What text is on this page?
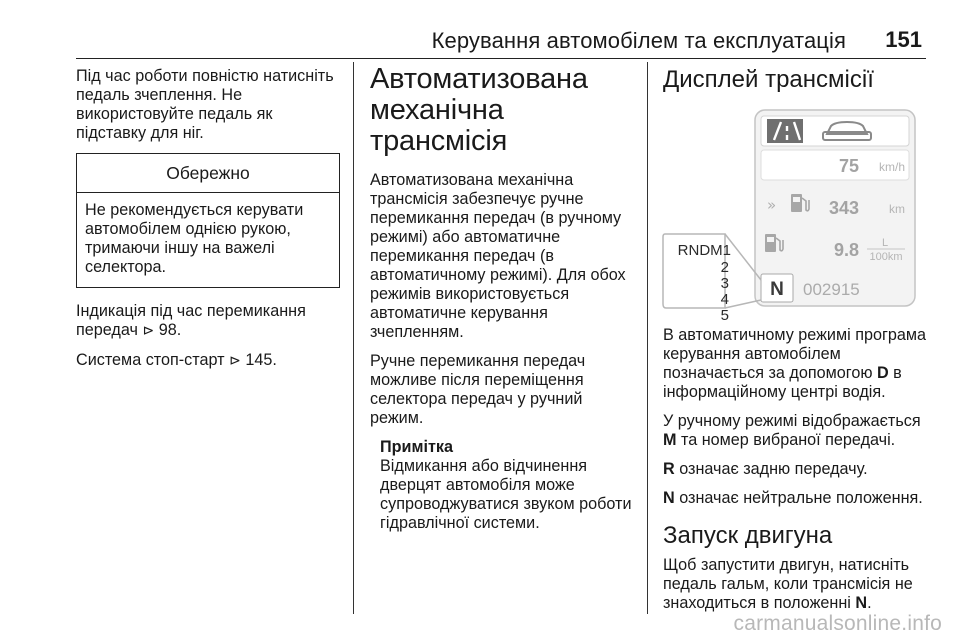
Керування автомобілем та експлуатація 151

Під час роботи повністю натисніть педаль зчеплення. Не використовуйте педаль як підставку для ніг.

Обережно
Не рекомендується керувати автомобілем однією рукою, тримаючи іншу на важелі селектора.

Індикація під час перемикання передач ⊳ 98.

Система стоп-старт ⊳ 145.

Автоматизована механічна трансмісія

Автоматизована механічна трансмісія забезпечує ручне перемикання передач (в ручному режимі) або автоматичне перемикання передач (в автоматичному режимі). Для обох режимів використовується автоматичне керування зчепленням.

Ручне перемикання передач можливе після переміщення селектора передач у ручний режим.

Примітка
Відмикання або відчинення дверцят автомобіля може супроводжуватися звуком роботи гідравлічної системи.
Дисплей трансмісії
75 km/h
»	343	km
9.8 L
100km
N 002915
RNDM1
2
3
4
5

В автоматичному режимі програма керування автомобілем позначається за допомогою D в інформаційному центрі водія.

У ручному режимі відображається M та номер вибраної передачі.

R означає задню передачу.

N означає нейтральне положення.

Запуск двигуна

Щоб запустити двигун, натисніть педаль гальм, коли трансмісія не знаходиться в положенні N.

carmanualsonline.info
